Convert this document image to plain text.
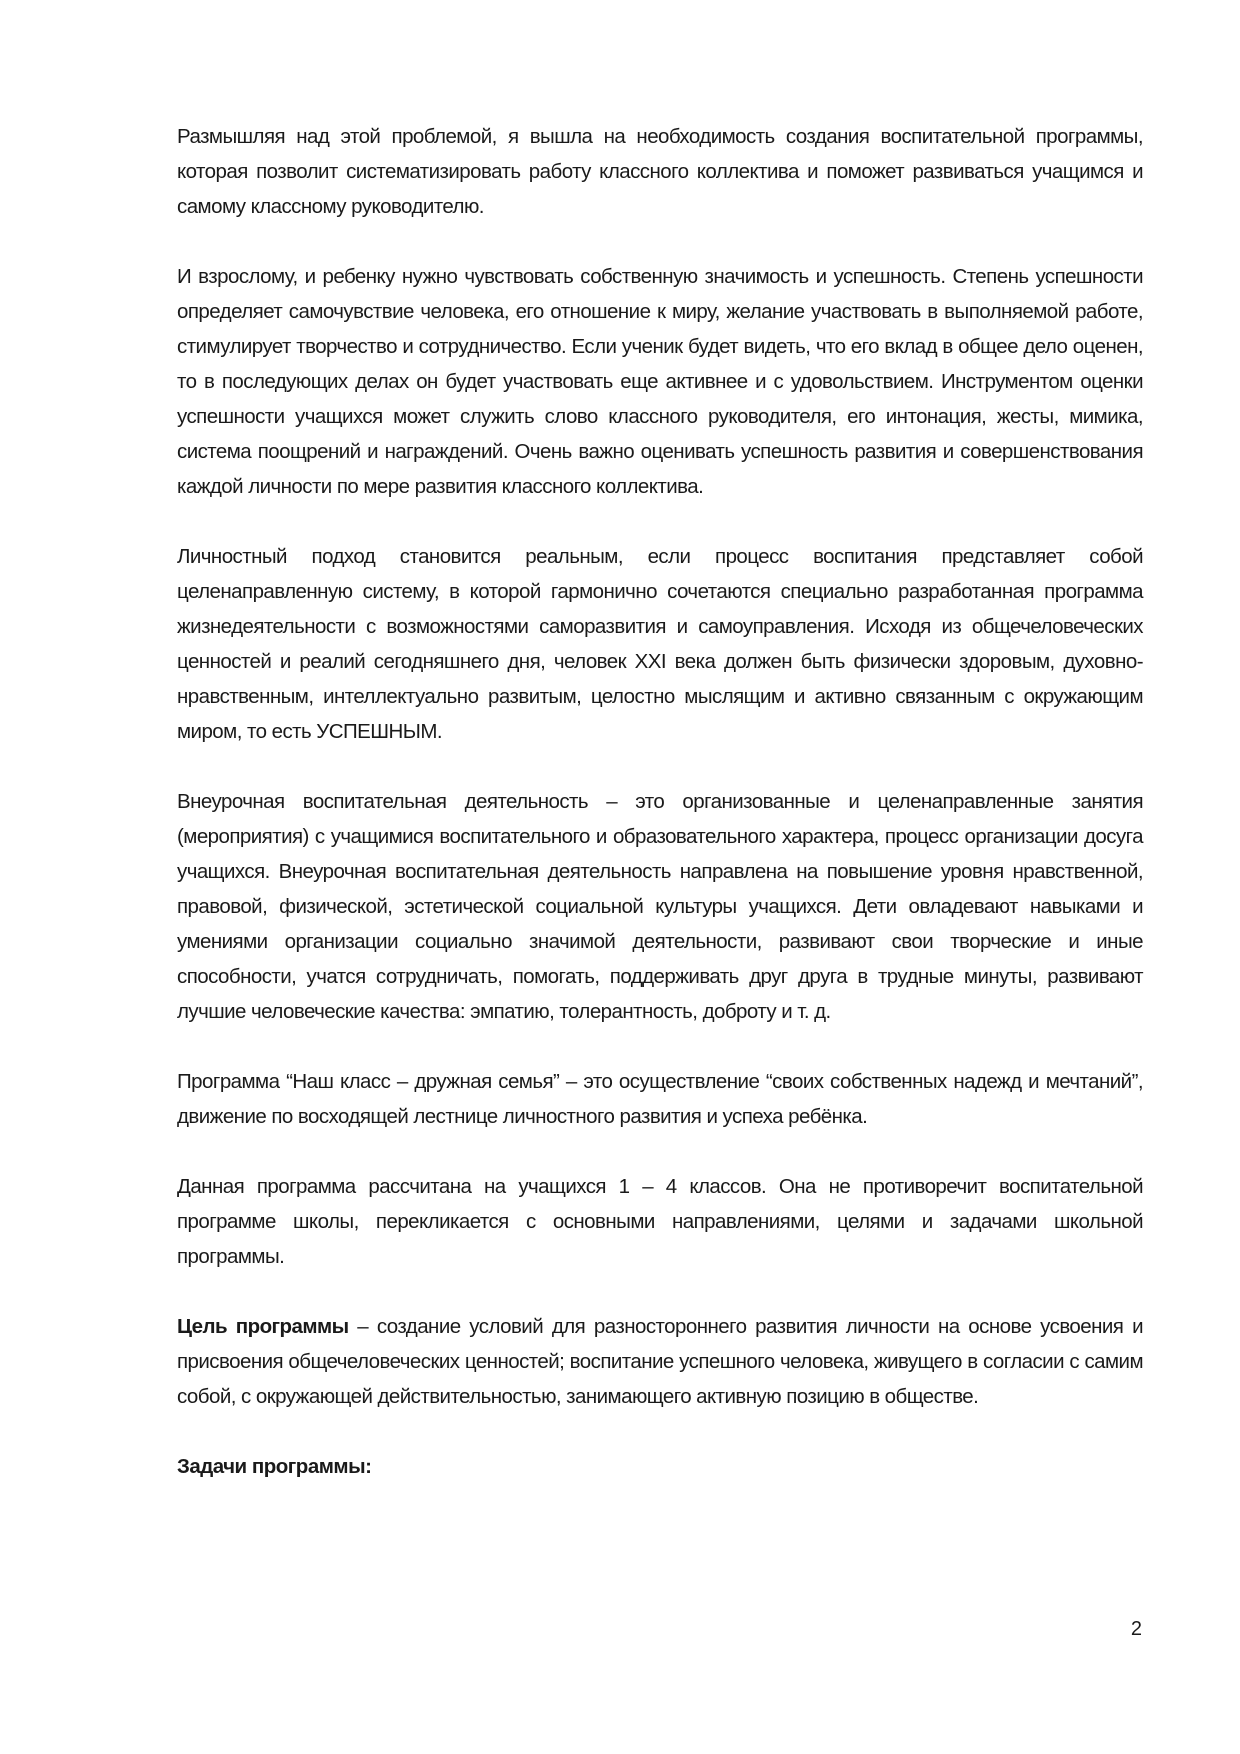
Размышляя над этой проблемой, я вышла на необходимость создания воспитательной программы, которая позволит систематизировать работу классного коллектива и поможет развиваться учащимся и самому классному руководителю.

И взрослому, и ребенку нужно чувствовать собственную значимость и успешность. Степень успешности определяет самочувствие человека, его отношение к миру, желание участвовать в выполняемой работе, стимулирует творчество и сотрудничество. Если ученик будет видеть, что его вклад в общее дело оценен, то в последующих делах он будет участвовать еще активнее и с удовольствием. Инструментом оценки успешности учащихся может служить слово классного руководителя, его интонация, жесты, мимика, система поощрений и награждений. Очень важно оценивать успешность развития и совершенствования каждой личности по мере развития классного коллектива.

Личностный подход становится реальным, если процесс воспитания представляет собой целенаправленную систему, в которой гармонично сочетаются специально разработанная программа жизнедеятельности с возможностями саморазвития и самоуправления. Исходя из общечеловеческих ценностей и реалий сегодняшнего дня, человек XXI века должен быть физически здоровым, духовно-нравственным, интеллектуально развитым, целостно мыслящим и активно связанным с окружающим миром, то есть УСПЕШНЫМ.

Внеурочная воспитательная деятельность – это организованные и целенаправленные занятия (мероприятия) с учащимися воспитательного и образовательного характера, процесс организации досуга учащихся. Внеурочная воспитательная деятельность направлена на повышение уровня нравственной, правовой, физической, эстетической социальной культуры учащихся. Дети овладевают навыками и умениями организации социально значимой деятельности, развивают свои творческие и иные способности, учатся сотрудничать, помогать, поддерживать друг друга в трудные минуты, развивают лучшие человеческие качества: эмпатию, толерантность, доброту и т. д.

Программа “Наш класс – дружная семья” – это осуществление “своих собственных надежд и мечтаний”, движение по восходящей лестнице личностного развития и успеха ребёнка.

Данная программа рассчитана на учащихся 1 – 4 классов. Она не противоречит воспитательной программе школы, перекликается с основными направлениями, целями и задачами школьной программы.

Цель программы – создание условий для разностороннего развития личности на основе усвоения и присвоения общечеловеческих ценностей; воспитание успешного человека, живущего в согласии с самим собой, с окружающей действительностью, занимающего активную позицию в обществе.

Задачи программы:

2
